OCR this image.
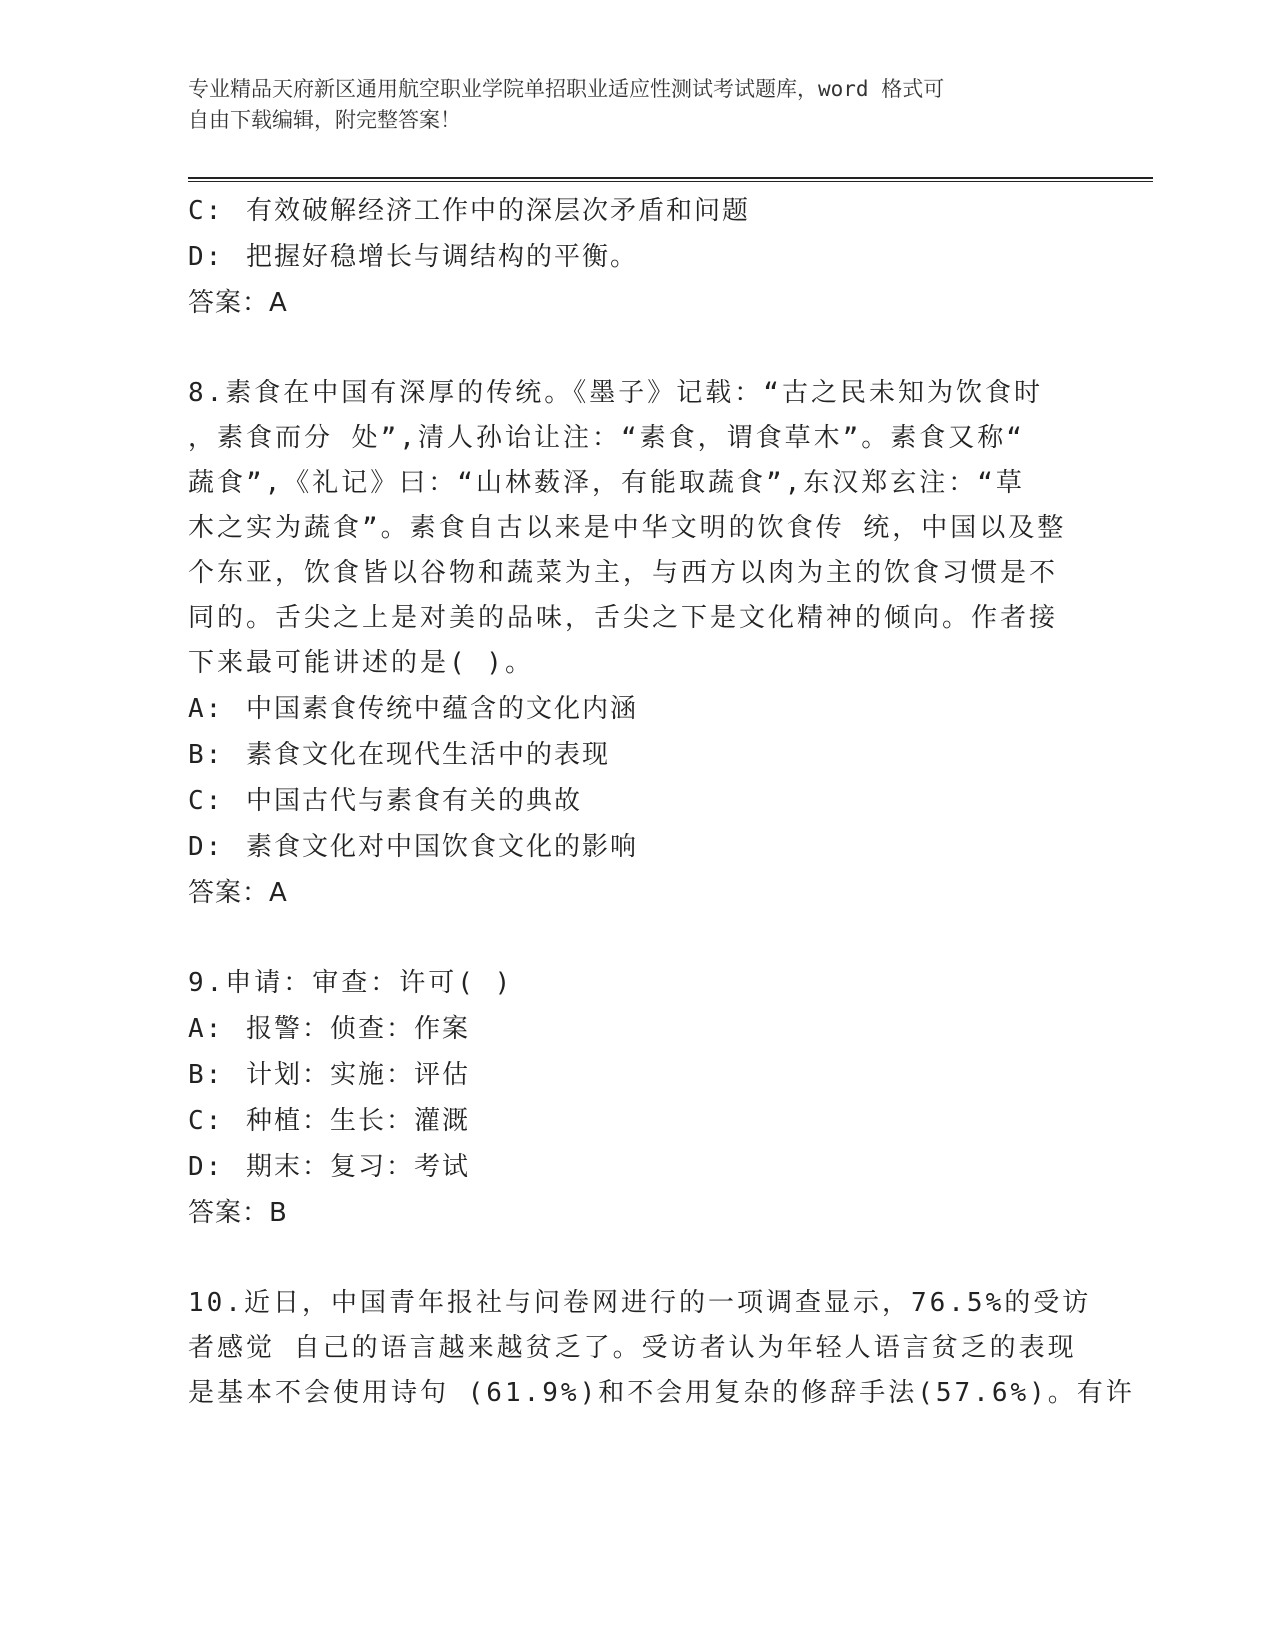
专业精品天府新区通用航空职业学院单招职业适应性测试考试题库，word 格式可
自由下载编辑，附完整答案！
C: 有效破解经济工作中的深层次矛盾和问题
D: 把握好稳增长与调结构的平衡。
答案：A
8.素食在中国有深厚的传统。《墨子》记载：“古之民未知为饮食时
，素食而分 处”,清人孙诒让注：“素食，谓食草木”。素食又称“
蔬食”,《礼记》曰：“山林薮泽，有能取蔬食”,东汉郑玄注：“草
木之实为蔬食”。素食自古以来是中华文明的饮食传 统，中国以及整
个东亚，饮食皆以谷物和蔬菜为主，与西方以肉为主的饮食习惯是不
同的。舌尖之上是对美的品味，舌尖之下是文化精神的倾向。作者接
下来最可能讲述的是( )。
A: 中国素食传统中蕴含的文化内涵
B: 素食文化在现代生活中的表现
C: 中国古代与素食有关的典故
D: 素食文化对中国饮食文化的影响
答案：A
9.申请：审查：许可( )
A: 报警：侦查：作案
B: 计划：实施：评估
C: 种植：生长：灌溉
D: 期末：复习：考试
答案：B
10.近日，中国青年报社与问卷网进行的一项调查显示，76.5%的受访
者感觉 自己的语言越来越贫乏了。受访者认为年轻人语言贫乏的表现
是基本不会使用诗句 (61.9%)和不会用复杂的修辞手法(57.6%)。有许
